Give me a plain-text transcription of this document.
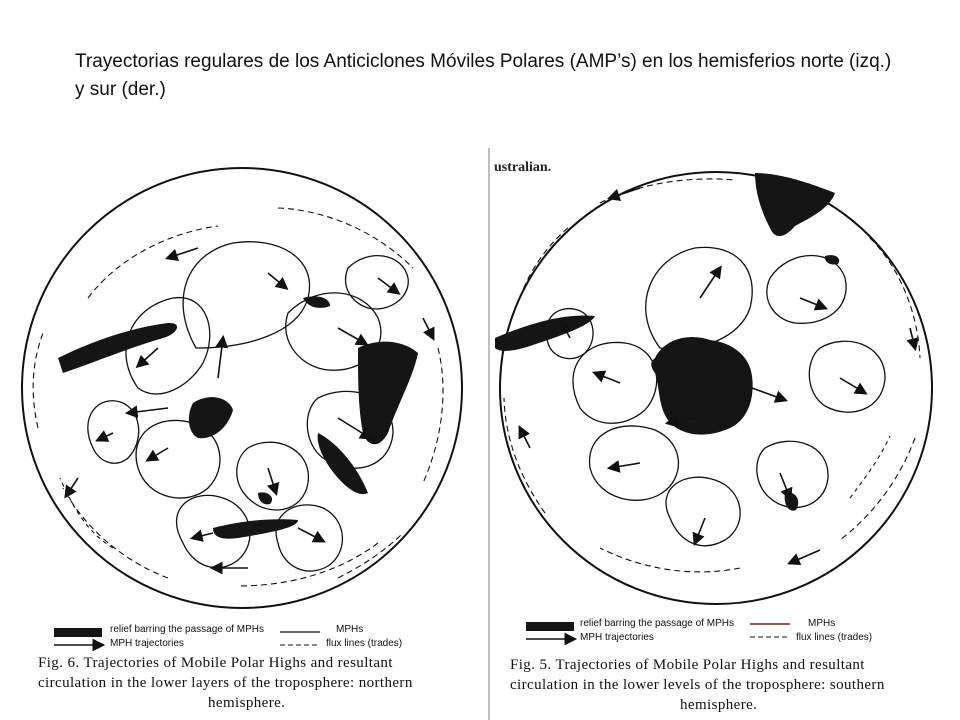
Trayectorias regulares de los Anticiclones Móviles Polares (AMP’s) en los hemisferios norte (izq.) y sur (der.)
relief barring the passage of MPHs
MPH trajectories
MPHs
flux lines (trades)
Fig. 6. Trajectories of Mobile Polar Highs and resultant
circulation in the lower layers of the troposphere: northern
hemisphere.
ustralian.
relief barring the passage of MPHs
MPH trajectories
MPHs
flux lines (trades)
Fig. 5. Trajectories of Mobile Polar Highs and resultant
circulation in the lower levels of the troposphere: southern
hemisphere.
